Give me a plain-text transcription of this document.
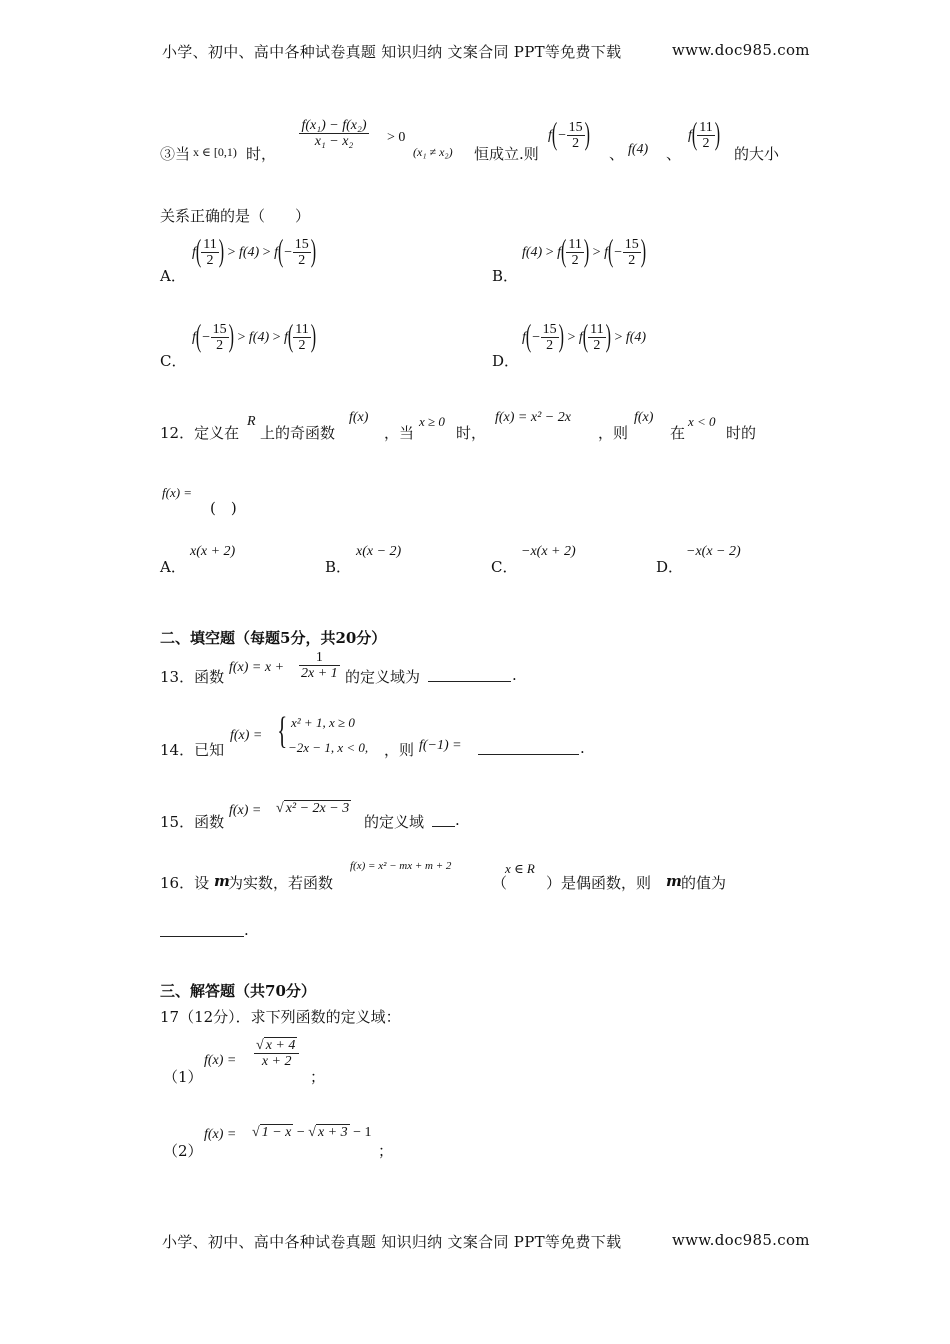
小学、初中、高中各种试卷真题 知识归纳 文案合同 PPT等免费下载	www.doc985.com
③当 x ∈ [0,1) 时，
$\frac{\text{f(x₁) − f(x₂)}}{\text{x₁ − x₂}} > 0$
(x₁ ≠ x₂) 恒成立.则
$f(- \frac{15}{2}$ )
、 f(4) 、
$f( \frac{11}{2}$ )
的大小
关系正确的是（　　）
A．
$f( \frac{11}{2}$ ) > $f(4) > f(- \frac{15}{2}$ )
B．
$f(4) > f( \frac{11}{2}$ ) > $f(- \frac{15}{2}$ )
C．
$f(- \frac{15}{2}$ ) > $f(4) > f( \frac{11}{2}$ )
D．
$f(- \frac{15}{2}$ ) > $f( \frac{11}{2}$ ) > f(4)
12．定义在
R
上的奇函数
f(x)
，当
x ≥ 0
时，
f(x) = x² − 2x
，则
f(x)
在
x < 0
时的
f(x) =
(　)
A．
x(x + 2)
B．
x(x − 2)
C．
−x(x + 2)
D．
−x(x − 2)
二、填空题（每题5分，共20分）
13．函数
$f(x) = x + \frac{1}{2x + 1}$ 的定义域为	.
14．已知
f(x) = { x² + 1, x ≥ 0
−2x − 1, x < 0, ，则 f(−1) =	.
15．函数
f(x) = √ x² − 2x − 3
的定义域 .
16．设 m
为实数，若函数
f(x) = x² − mx + m + 2
（
x ∈ R
）是偶函数，则 m 的值为
.
三、解答题（共70分）
17（12分）．求下列函数的定义域：
（1）
$f(x) = \frac{√ x + 4}{x + 2}$
；
（2）
f(x) = √ 1 − x − √ x + 3 − 1
；
小学、初中、高中各种试卷真题 知识归纳 文案合同 PPT等免费下载	www.doc985.com
